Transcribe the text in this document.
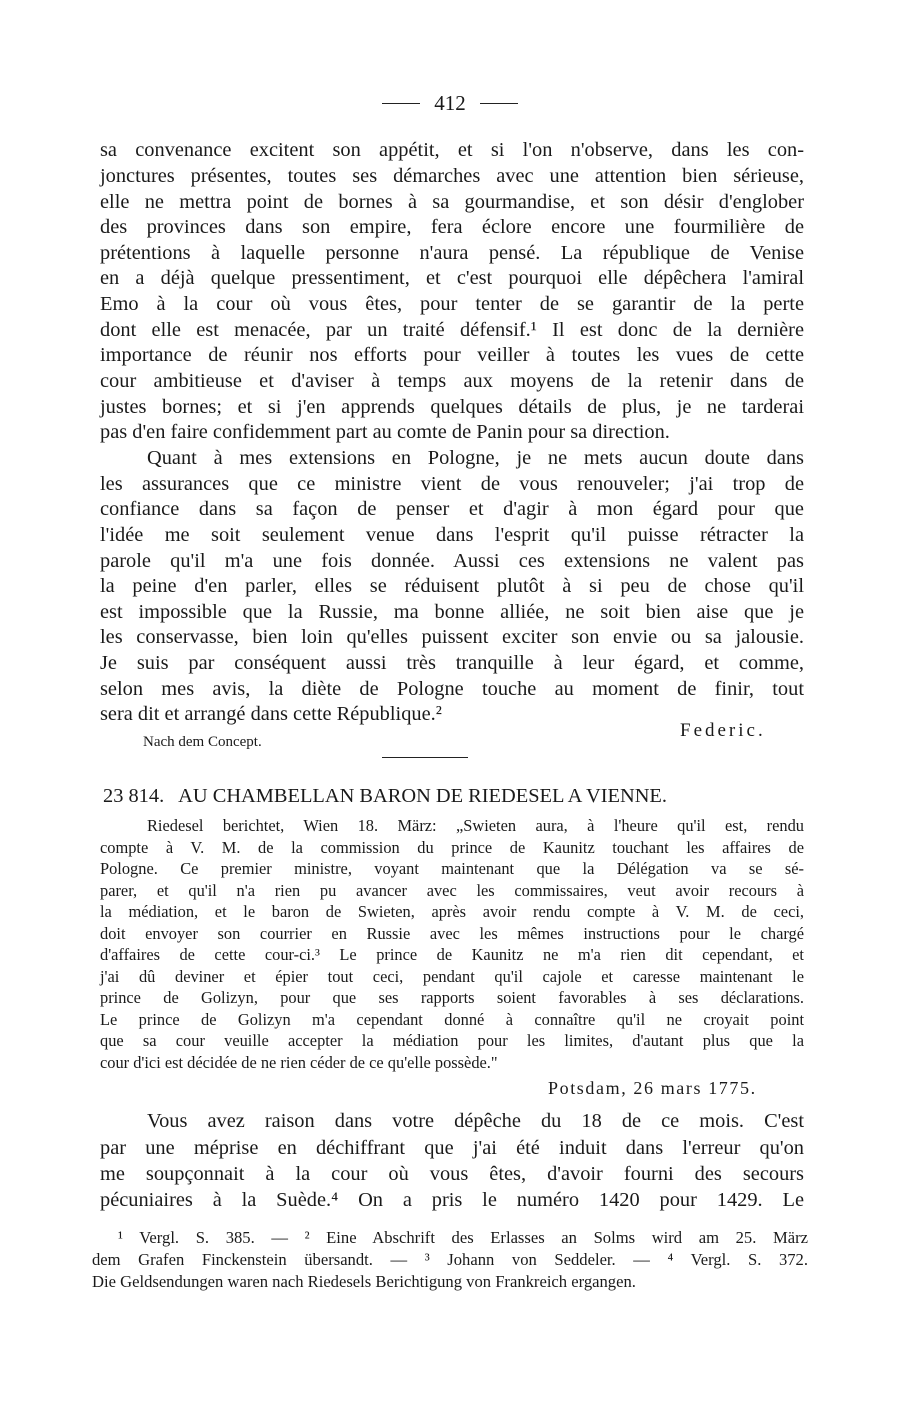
412
sa convenance excitent son appétit, et si l'on n'observe, dans les con-
jonctures présentes, toutes ses démarches avec une attention bien sérieuse,
elle ne mettra point de bornes à sa gourmandise, et son désir d'englober
des provinces dans son empire, fera éclore encore une fourmilière de
prétentions à laquelle personne n'aura pensé. La république de Venise
en a déjà quelque pressentiment, et c'est pourquoi elle dépêchera l'amiral
Emo à la cour où vous êtes, pour tenter de se garantir de la perte
dont elle est menacée, par un traité défensif.¹ Il est donc de la dernière
importance de réunir nos efforts pour veiller à toutes les vues de cette
cour ambitieuse et d'aviser à temps aux moyens de la retenir dans de
justes bornes; et si j'en apprends quelques détails de plus, je ne tarderai
pas d'en faire confidemment part au comte de Panin pour sa direction.
Quant à mes extensions en Pologne, je ne mets aucun doute dans
les assurances que ce ministre vient de vous renouveler; j'ai trop de
confiance dans sa façon de penser et d'agir à mon égard pour que
l'idée me soit seulement venue dans l'esprit qu'il puisse rétracter la
parole qu'il m'a une fois donnée. Aussi ces extensions ne valent pas
la peine d'en parler, elles se réduisent plutôt à si peu de chose qu'il
est impossible que la Russie, ma bonne alliée, ne soit bien aise que je
les conservasse, bien loin qu'elles puissent exciter son envie ou sa jalousie.
Je suis par conséquent aussi très tranquille à leur égard, et comme,
selon mes avis, la diète de Pologne touche au moment de finir, tout
sera dit et arrangé dans cette République.²
Federic.
Nach dem Concept.
23 814. AU CHAMBELLAN BARON DE RIEDESEL A VIENNE.
Riedesel berichtet, Wien 18. März: „Swieten aura, à l'heure qu'il est, rendu
compte à V. M. de la commission du prince de Kaunitz touchant les affaires de
Pologne. Ce premier ministre, voyant maintenant que la Délégation va se sé-
parer, et qu'il n'a rien pu avancer avec les commissaires, veut avoir recours à
la médiation, et le baron de Swieten, après avoir rendu compte à V. M. de ceci,
doit envoyer son courrier en Russie avec les mêmes instructions pour le chargé
d'affaires de cette cour-ci.³ Le prince de Kaunitz ne m'a rien dit cependant, et
j'ai dû deviner et épier tout ceci, pendant qu'il cajole et caresse maintenant le
prince de Golizyn, pour que ses rapports soient favorables à ses déclarations.
Le prince de Golizyn m'a cependant donné à connaître qu'il ne croyait point
que sa cour veuille accepter la médiation pour les limites, d'autant plus que la
cour d'ici est décidée de ne rien céder de ce qu'elle possède."
Potsdam, 26 mars 1775.
Vous avez raison dans votre dépêche du 18 de ce mois. C'est
par une méprise en déchiffrant que j'ai été induit dans l'erreur qu'on
me soupçonnait à la cour où vous êtes, d'avoir fourni des secours
pécuniaires à la Suède.⁴ On a pris le numéro 1420 pour 1429. Le
¹ Vergl. S. 385. — ² Eine Abschrift des Erlasses an Solms wird am 25. März
dem Grafen Finckenstein übersandt. — ³ Johann von Seddeler. — ⁴ Vergl. S. 372.
Die Geldsendungen waren nach Riedesels Berichtigung von Frankreich ergangen.
